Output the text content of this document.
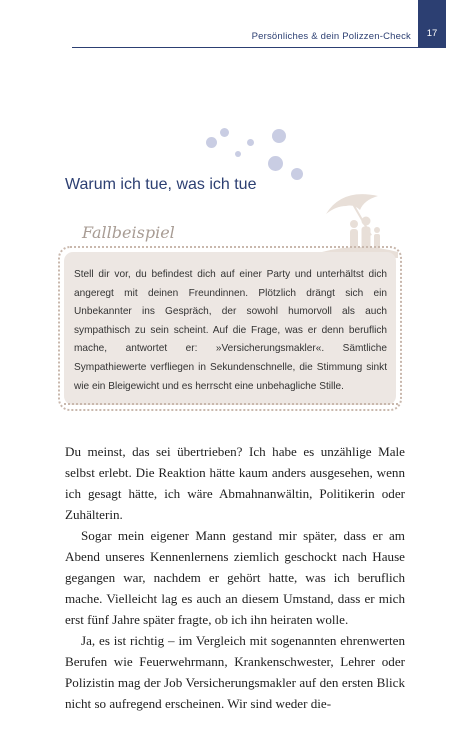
Persönliches & dein Polizzen-Check 17
Warum ich tue, was ich tue
Fallbeispiel

Stell dir vor, du befindest dich auf einer Party und unterhältst dich angeregt mit deinen Freundinnen. Plötzlich drängt sich ein Unbekannter ins Gespräch, der sowohl humorvoll als auch sympathisch zu sein scheint. Auf die Frage, was er denn beruflich mache, antwortet er: »Versicherungsmakler«. Sämtliche Sympathiewerte verfliegen in Sekundenschnelle, die Stimmung sinkt wie ein Bleigewicht und es herrscht eine unbehagliche Stille.

Du meinst, das sei übertrieben? Ich habe es unzählige Male selbst erlebt. Die Reaktion hätte kaum anders ausgesehen, wenn ich gesagt hätte, ich wäre Abmahnanwältin, Politikerin oder Zuhälterin.

Sogar mein eigener Mann gestand mir später, dass er am Abend unseres Kennenlernens ziemlich geschockt nach Hause gegangen war, nachdem er gehört hatte, was ich beruflich mache. Vielleicht lag es auch an diesem Umstand, dass er mich erst fünf Jahre später fragte, ob ich ihn heiraten wolle.

Ja, es ist richtig – im Vergleich mit sogenannten ehrenwerten Berufen wie Feuerwehrmann, Krankenschwester, Lehrer oder Polizistin mag der Job Versicherungsmakler auf den ersten Blick nicht so aufregend erscheinen. Wir sind weder die-
